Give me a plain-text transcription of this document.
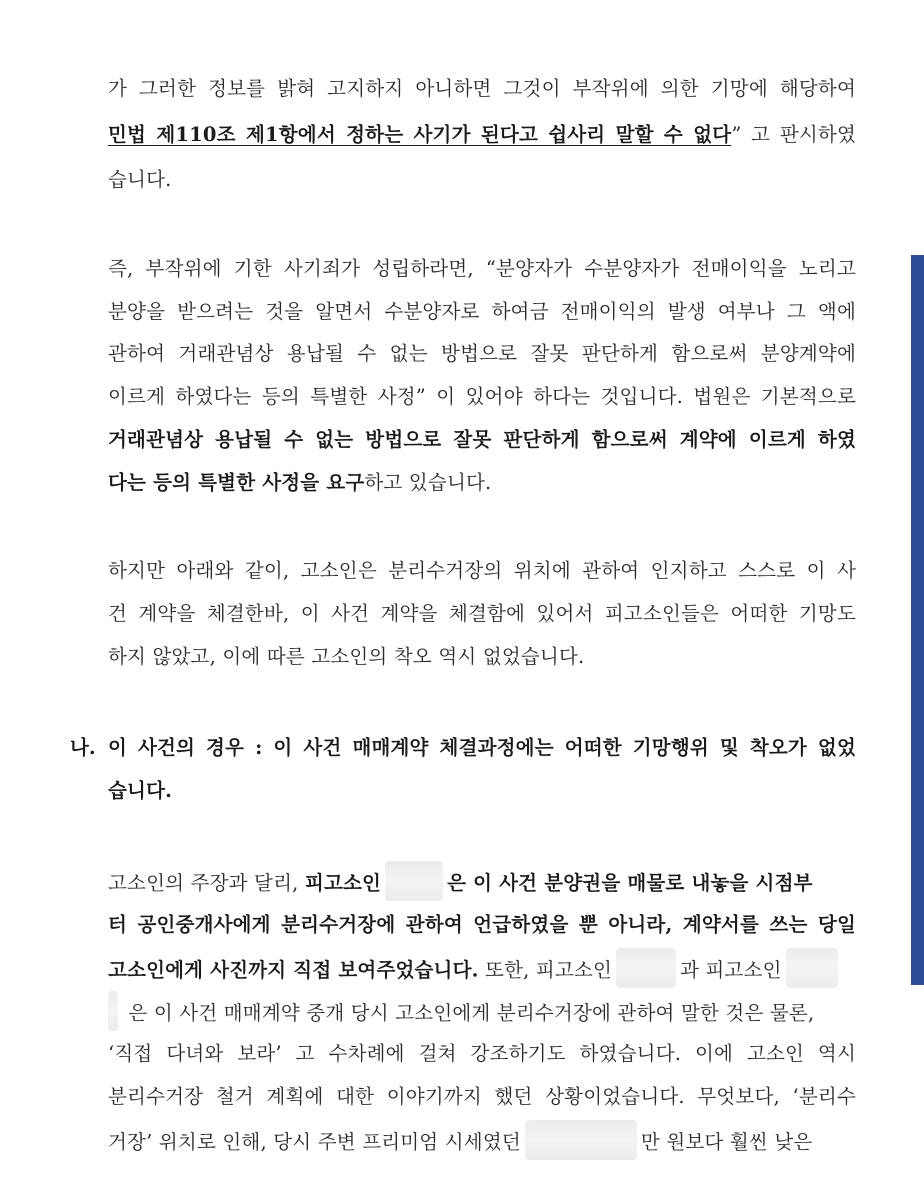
가 그러한 정보를 밝혀 고지하지 아니하면 그것이 부작위에 의한 기망에 해당하여
민법 제110조 제1항에서 정하는 사기가 된다고 쉽사리 말할 수 없다” 고 판시하였
습니다.
즉, 부작위에 기한 사기죄가 성립하라면, “분양자가 수분양자가 전매이익을 노리고
분양을 받으려는 것을 알면서 수분양자로 하여금 전매이익의 발생 여부나 그 액에
관하여 거래관념상 용납될 수 없는 방법으로 잘못 판단하게 함으로써 분양계약에
이르게 하였다는 등의 특별한 사정” 이 있어야 하다는 것입니다. 법원은 기본적으로
거래관념상 용납될 수 없는 방법으로 잘못 판단하게 함으로써 계약에 이르게 하였
다는 등의 특별한 사정을 요구하고 있습니다.
하지만 아래와 같이, 고소인은 분리수거장의 위치에 관하여 인지하고 스스로 이 사
건 계약을 체결한바, 이 사건 계약을 체결함에 있어서 피고소인들은 어떠한 기망도
하지 않았고, 이에 따른 고소인의 착오 역시 없었습니다.
나. 이 사건의 경우 : 이 사건 매매계약 체결과정에는 어떠한 기망행위 및 착오가 없었
습니다.
고소인의 주장과 달리, 피고소인	은 이 사건 분양권을 매물로 내놓을 시점부
터 공인중개사에게 분리수거장에 관하여 언급하였을 뿐 아니라, 계약서를 쓰는 당일
고소인에게 사진까지 직접 보여주었습니다. 또한, 피고소인	과 피고소인
은 이 사건 매매계약 중개 당시 고소인에게 분리수거장에 관하여 말한 것은 물론,
‘직접 다녀와 보라’ 고 수차례에 걸쳐 강조하기도 하였습니다. 이에 고소인 역시
분리수거장 철거 계획에 대한 이야기까지 했던 상황이었습니다. 무엇보다, ‘분리수
거장’ 위치로 인해, 당시 주변 프리미엄 시세였던	만 원보다 훨씬 낮은
